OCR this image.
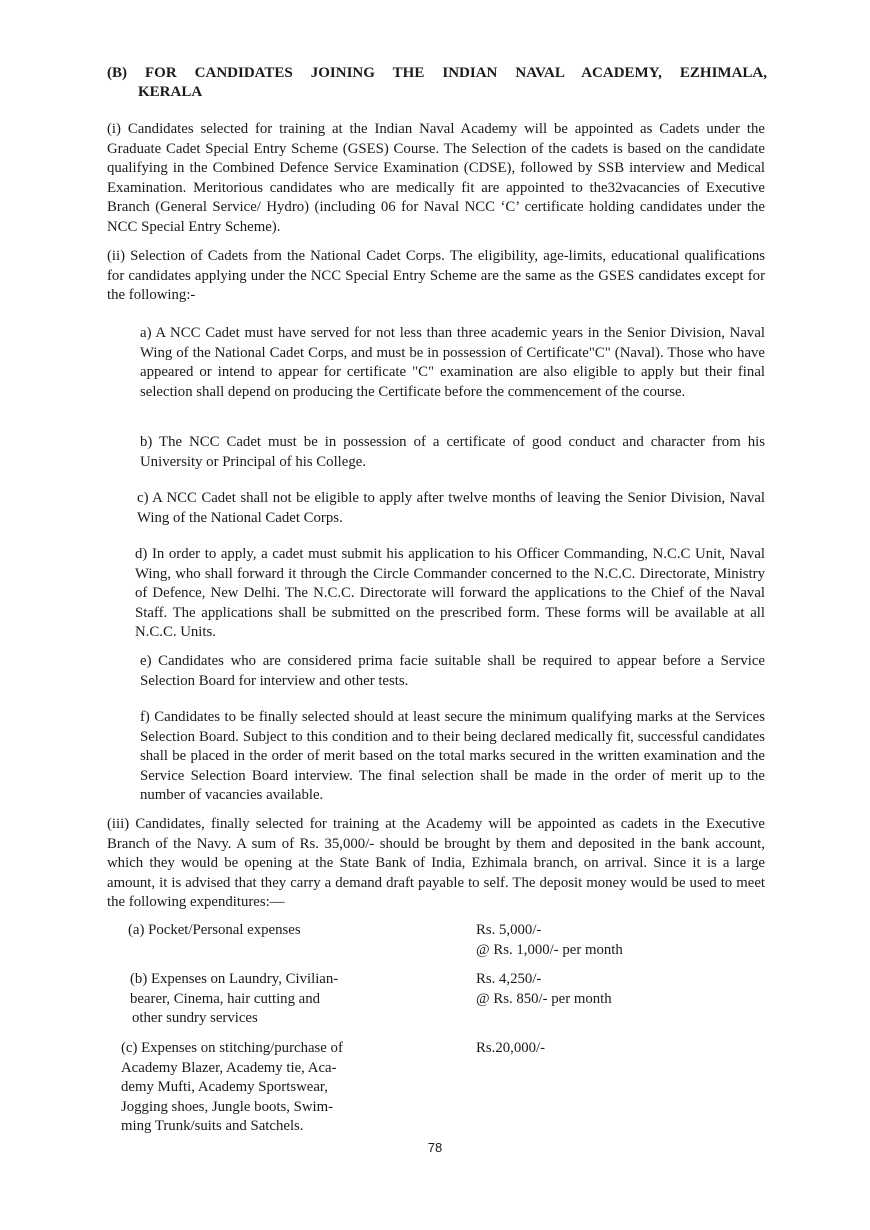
(B) FOR CANDIDATES JOINING THE INDIAN NAVAL ACADEMY, EZHIMALA,
KERALA

(i) Candidates selected for training at the Indian Naval Academy will be appointed as Cadets under the Graduate Cadet Special Entry Scheme (GSES) Course. The Selection of the cadets is based on the candidate qualifying in the Combined Defence Service Examination (CDSE), followed by SSB interview and Medical Examination. Meritorious candidates who are medically fit are appointed to the32vacancies of Executive Branch (General Service/ Hydro) (including 06 for Naval NCC ‘C’ certificate holding candidates under the NCC Special Entry Scheme).

(ii) Selection of Cadets from the National Cadet Corps. The eligibility, age-limits, educational qualifications for candidates applying under the NCC Special Entry Scheme are the same as the GSES candidates except for the following:-

a) A NCC Cadet must have served for not less than three academic years in the Senior Division, Naval Wing of the National Cadet Corps, and must be in possession of Certificate"C" (Naval). Those who have appeared or intend to appear for certificate "C" examination are also eligible to apply but their final selection shall depend on producing the Certificate before the commencement of the course.

b) The NCC Cadet must be in possession of a certificate of good conduct and character from his University or Principal of his College.

c) A NCC Cadet shall not be eligible to apply after twelve months of leaving the Senior Division, Naval Wing of the National Cadet Corps.

d) In order to apply, a cadet must submit his application to his Officer Commanding, N.C.C Unit, Naval Wing, who shall forward it through the Circle Commander concerned to the N.C.C. Directorate, Ministry of Defence, New Delhi. The N.C.C. Directorate will forward the applications to the Chief of the Naval Staff. The applications shall be submitted on the prescribed form. These forms will be available at all N.C.C. Units.

e) Candidates who are considered prima facie suitable shall be required to appear before a Service Selection Board for interview and other tests.

f) Candidates to be finally selected should at least secure the minimum qualifying marks at the Services Selection Board. Subject to this condition and to their being declared medically fit, successful candidates shall be placed in the order of merit based on the total marks secured in the written examination and the Service Selection Board interview. The final selection shall be made in the order of merit up to the number of vacancies available.

(iii) Candidates, finally selected for training at the Academy will be appointed as cadets in the Executive Branch of the Navy. A sum of Rs. 35,000/- should be brought by them and deposited in the bank account, which they would be opening at the State Bank of India, Ezhimala branch, on arrival. Since it is a large amount, it is advised that they carry a demand draft payable to self. The deposit money would be used to meet the following expenditures:—

(a) Pocket/Personal expenses	Rs. 5,000/-
@ Rs. 1,000/- per month
(b) Expenses on Laundry, Civilian-
bearer, Cinema, hair cutting and
other sundry services
Rs. 4,250/-
@ Rs. 850/- per month
(c) Expenses on stitching/purchase of
Academy Blazer, Academy tie, Aca-
demy Mufti, Academy Sportswear,
Jogging shoes, Jungle boots, Swim-
ming Trunk/suits and Satchels.
Rs.20,000/-
78
